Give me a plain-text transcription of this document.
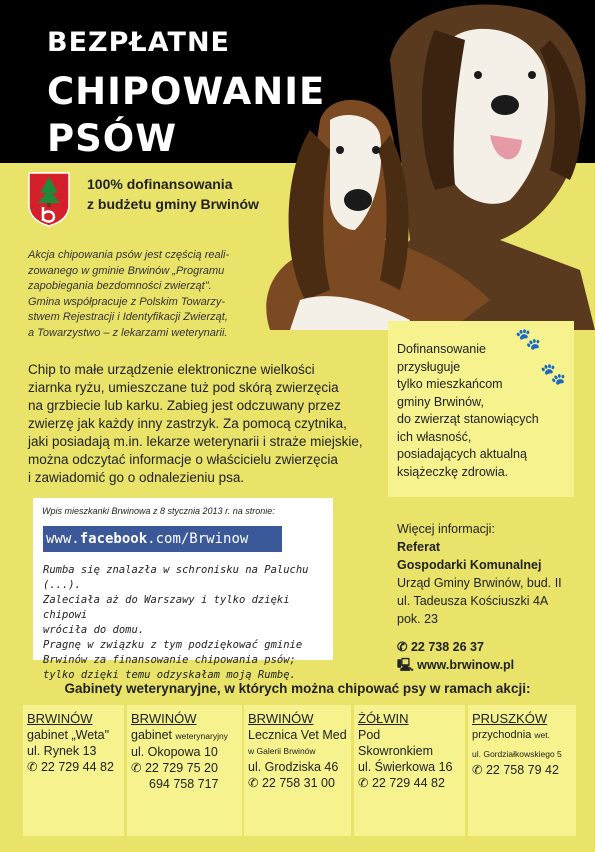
BEZPŁATNE
CHIPOWANIE
PSÓW
100% dofinansowania
z budżetu gminy Brwinów
Akcja chipowania psów jest częścią reali-
zowanego w gminie Brwinów „Programu
zapobiegania bezdomności zwierząt".
Gmina współpracuje z Polskim Towarzy-
stwem Rejestracji i Identyfikacji Zwierząt,
a Towarzystwo – z lekarzami weterynarii.
Chip to małe urządzenie elektroniczne wielkości
ziarnka ryżu, umieszczane tuż pod skórą zwierzęcia
na grzbiecie lub karku. Zabieg jest odczuwany przez
zwierzę jak każdy inny zastrzyk. Za pomocą czytnika,
jaki posiadają m.in. lekarze weterynarii i straże miejskie,
można odczytać informacje o właścicielu zwierzęcia
i zawiadomić go o odnalezieniu psa.
🐾
🐾
Dofinansowanie
przysługuje
tylko mieszkańcom
gminy Brwinów,
do zwierząt stanowiących
ich własność,
posiadających aktualną
książeczkę zdrowia.
Wpis mieszkanki Brwinowa z 8 stycznia 2013 r. na stronie:
www.facebook.com/Brwinow
Rumba się znalazła w schronisku na Paluchu (...).
Zaleciała aż do Warszawy i tylko dzięki chipowi
wróciła do domu.
Pragnę w związku z tym podziękować gminie
Brwinów za finansowanie chipowania psów;
tylko dzięki temu odzyskałam moją Rumbę.
Więcej informacji:
Referat
Gospodarki Komunalnej
Urząd Gminy Brwinów, bud. II
ul. Tadeusza Kościuszki 4A
pok. 23
✆ 22 738 26 37
🖳 www.brwinow.pl
Gabinety weterynaryjne, w których można chipować psy w ramach akcji:
BRWINÓW
gabinet „Weta"
ul. Rynek 13
✆ 22 729 44 82
BRWINÓW
gabinet weterynaryjny
ul. Okopowa 10
✆ 22 729 75 20
694 758 717
BRWINÓW
Lecznica Vet Med
w Galerii Brwinów
ul. Grodziska 46
✆ 22 758 31 00
ŻÓŁWIN
Pod
Skowronkiem
ul. Świerkowa 16
✆ 22 729 44 82
PRUSZKÓW
przychodnia wet.
ul. Gordziałkowskiego 5
✆ 22 758 79 42
